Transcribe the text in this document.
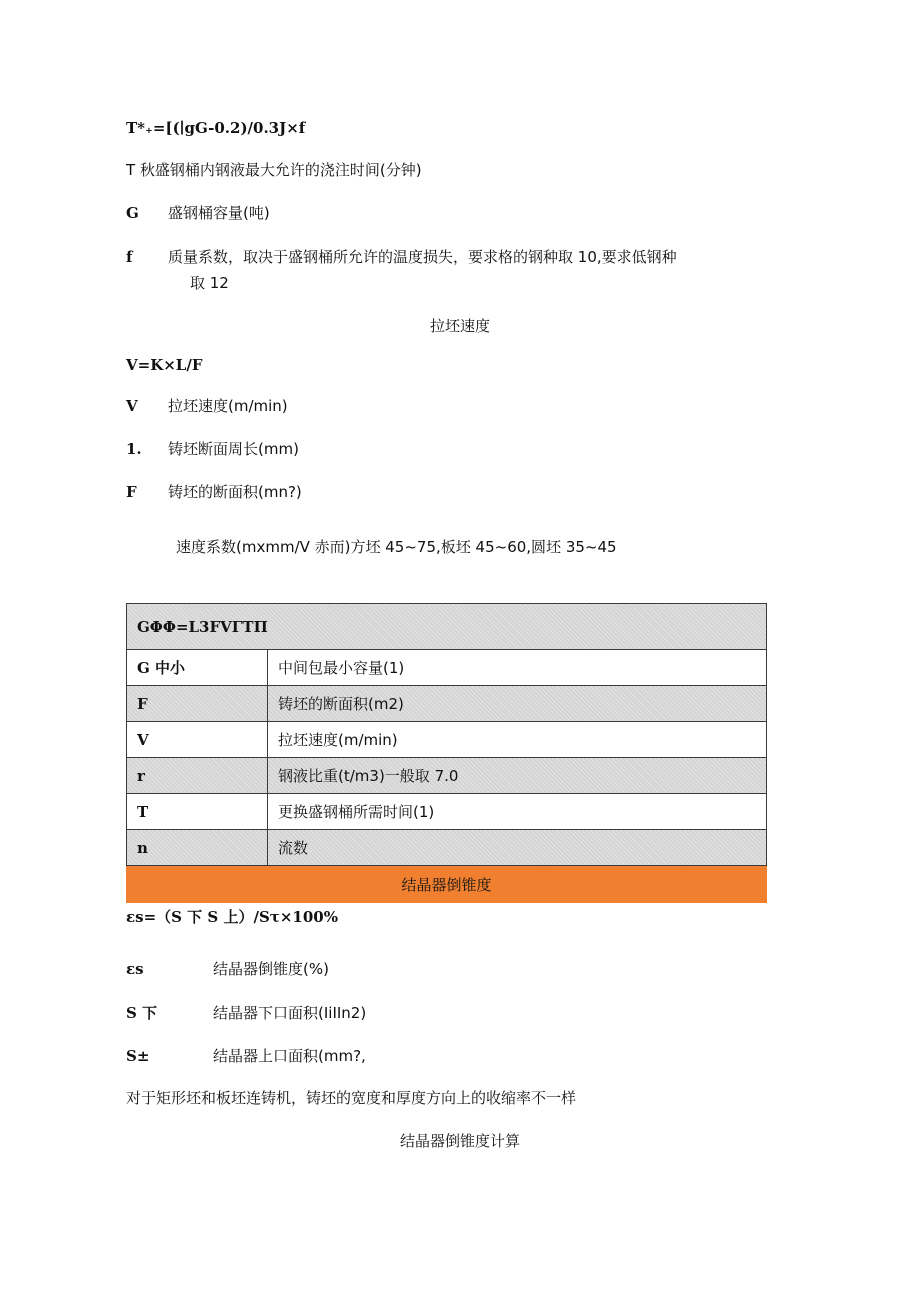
T*₊=[(∣gG-0.2)/0.3J×f
T 秋盛钢桶内钢液最大允许的浇注时间(分钟)
G 盛钢桶容量(吨)
f 质量系数，取决于盛钢桶所允许的温度损失，要求格的钢种取 10,要求低钢种
取 12
拉坯速度
V=K×L/F
V 拉坯速度(m/min)
1. 铸坯断面周长(mm)
F 铸坯的断面积(mn?)
速度系数(mxmm/V 赤而)方坯 45~75,板坯 45~60,圆坯 35~45
GΦΦ=L3FVΓTΠ	
G 中小	中间包最小容量(1)
F	铸坯的断面积(m2)
V	拉坯速度(m/min)
r	钢液比重(t/m3)一般取 7.0
T	更换盛钢桶所需时间(1)
n	流数
结晶器倒锥度	
εs=（S 下 S 上）/Sτ×100%
εs	结晶器倒锥度(%)
S 下	结晶器下口面积(IiIIn2)
S±	结晶器上口面积(mm?,
对于矩形坯和板坯连铸机，铸坯的宽度和厚度方向上的收缩率不一样
结晶器倒锥度计算
